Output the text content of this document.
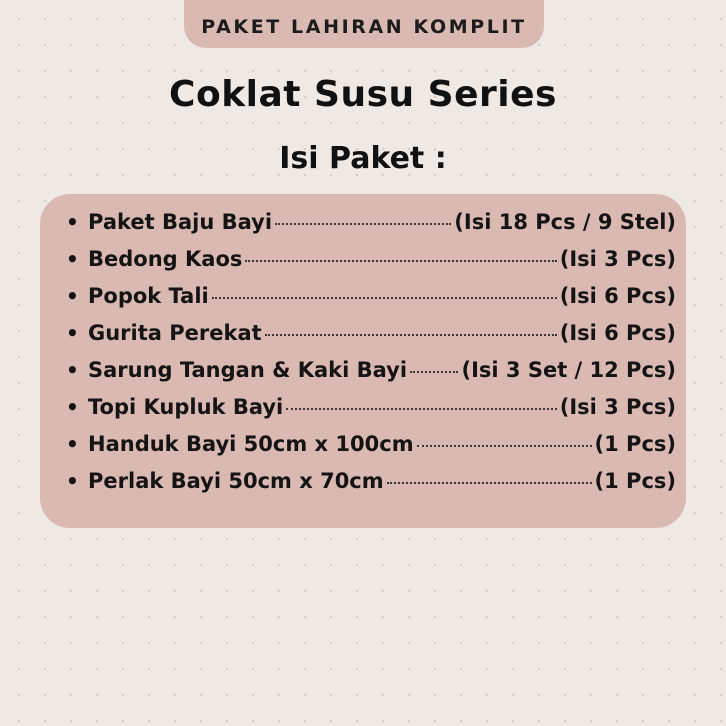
PAKET LAHIRAN KOMPLIT
Coklat Susu Series
Isi Paket :
• Paket Baju Bayi	(Isi 18 Pcs / 9 Stel)
• Bedong Kaos	(Isi 3 Pcs)
• Popok Tali	(Isi 6 Pcs)
• Gurita Perekat	(Isi 6 Pcs)
• Sarung Tangan & Kaki Bayi	(Isi 3 Set / 12 Pcs)
• Topi Kupluk Bayi	(Isi 3 Pcs)
• Handuk Bayi 50cm x 100cm	(1 Pcs)
• Perlak Bayi 50cm x 70cm	(1 Pcs)
